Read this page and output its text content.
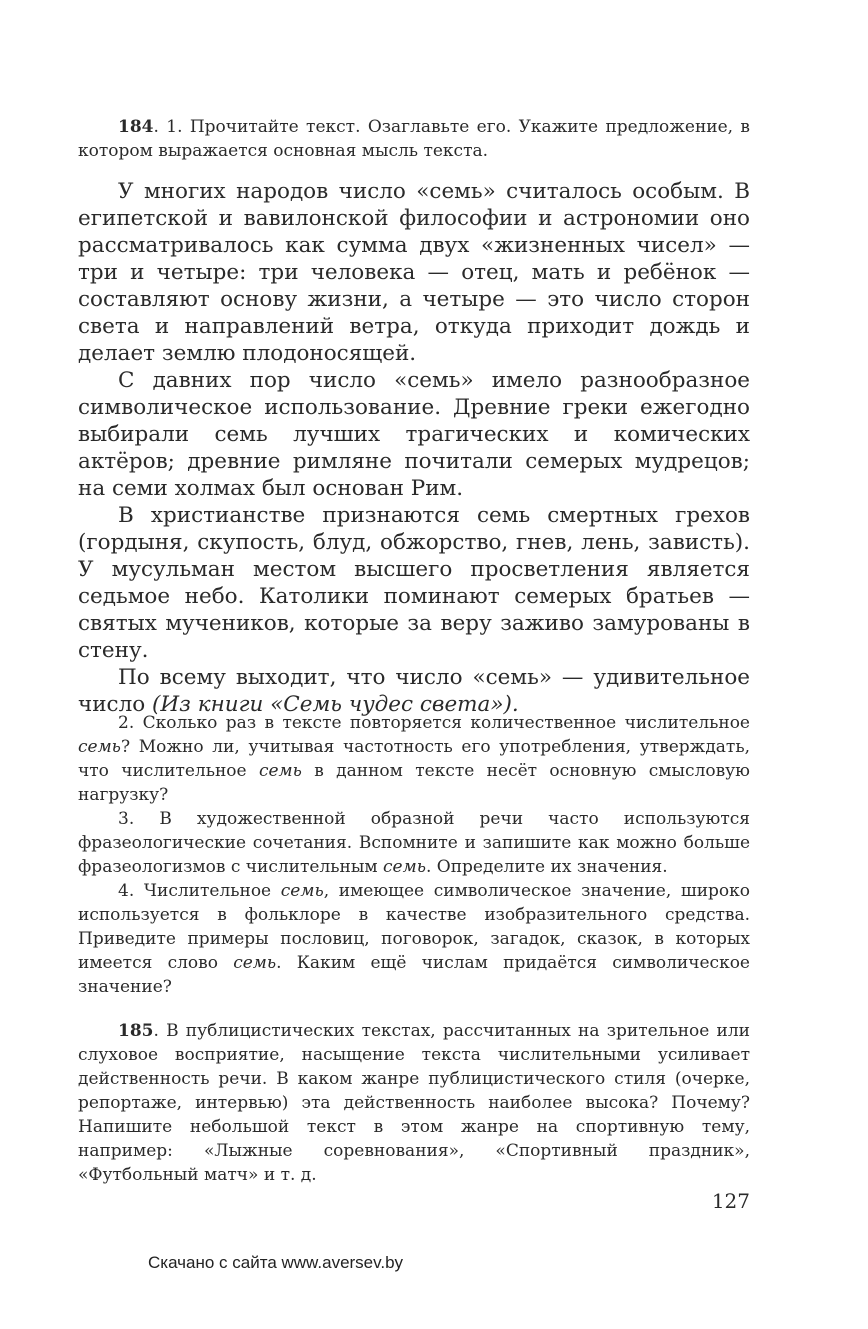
184. 1. Прочитайте текст. Озаглавьте его. Укажите предложение, в котором выражается основная мысль текста.

У многих народов число «семь» считалось особым. В египетской и вавилонской философии и астрономии оно рассматривалось как сумма двух «жизненных чисел» — три и четыре: три человека — отец, мать и ребёнок — составляют основу жизни, а четыре — это число сторон света и направлений ветра, откуда приходит дождь и делает землю плодоносящей.

С давних пор число «семь» имело разнообразное символическое использование. Древние греки ежегодно выбирали семь лучших трагических и комических актёров; древние римляне почитали семерых мудрецов; на семи холмах был основан Рим.

В христианстве признаются семь смертных грехов (гордыня, скупость, блуд, обжорство, гнев, лень, зависть). У мусульман местом высшего просветления является седьмое небо. Католики поминают семерых братьев — святых мучеников, которые за веру заживо замурованы в стену.

По всему выходит, что число «семь» — удивительное число (Из книги «Семь чудес света»).

2. Сколько раз в тексте повторяется количественное числительное семь? Можно ли, учитывая частотность его употребления, утверждать, что числительное семь в данном тексте несёт основную смысловую нагрузку?

3. В художественной образной речи часто используются фразеологические сочетания. Вспомните и запишите как можно больше фразеологизмов с числительным семь. Определите их значения.

4. Числительное семь, имеющее символическое значение, широко используется в фольклоре в качестве изобразительного средства. Приведите примеры пословиц, поговорок, загадок, сказок, в которых имеется слово семь. Каким ещё числам придаётся символическое значение?

185. В публицистических текстах, рассчитанных на зрительное или слуховое восприятие, насыщение текста числительными усиливает действенность речи. В каком жанре публицистического стиля (очерке, репортаже, интервью) эта действенность наиболее высока? Почему? Напишите небольшой текст в этом жанре на спортивную тему, например: «Лыжные соревнования», «Спортивный праздник», «Футбольный матч» и т. д.

127
Скачано с сайта www.aversev.by
